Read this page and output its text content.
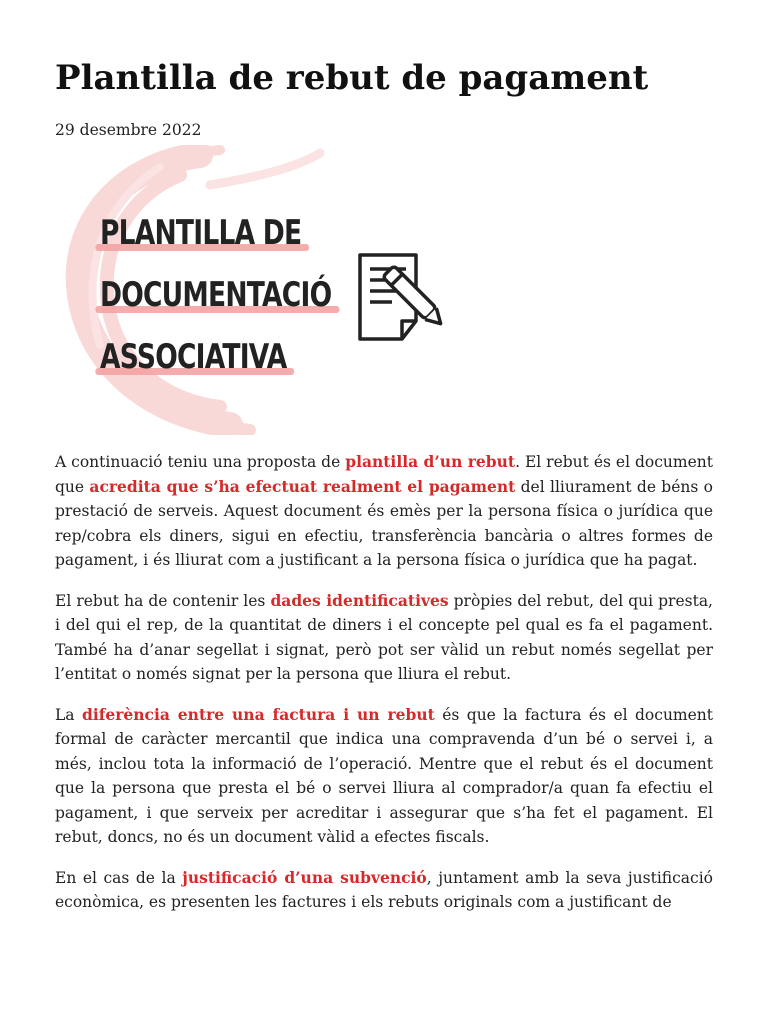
Plantilla de rebut de pagament
29 desembre 2022
PLANTILLA DE
DOCUMENTACIÓ
ASSOCIATIVA

A continuació teniu una proposta de plantilla d’un rebut. El rebut és el document que acredita que s’ha efectuat realment el pagament del lliurament de béns o prestació de serveis. Aquest document és emès per la persona física o jurídica que rep/cobra els diners, sigui en efectiu, transferència bancària o altres formes de pagament, i és lliurat com a justificant a la persona física o jurídica que ha pagat.

El rebut ha de contenir les dades identificatives pròpies del rebut, del qui presta, i del qui el rep, de la quantitat de diners i el concepte pel qual es fa el pagament. També ha d’anar segellat i signat, però pot ser vàlid un rebut només segellat per l’entitat o només signat per la persona que lliura el rebut.

La diferència entre una factura i un rebut és que la factura és el document formal de caràcter mercantil que indica una compravenda d’un bé o servei i, a més, inclou tota la informació de l’operació. Mentre que el rebut és el document que la persona que presta el bé o servei lliura al comprador/a quan fa efectiu el pagament, i que serveix per acreditar i assegurar que s’ha fet el pagament. El rebut, doncs, no és un document vàlid a efectes fiscals.

En el cas de la justificació d’una subvenció, juntament amb la seva justificació econòmica, es presenten les factures i els rebuts originals com a justificant de
